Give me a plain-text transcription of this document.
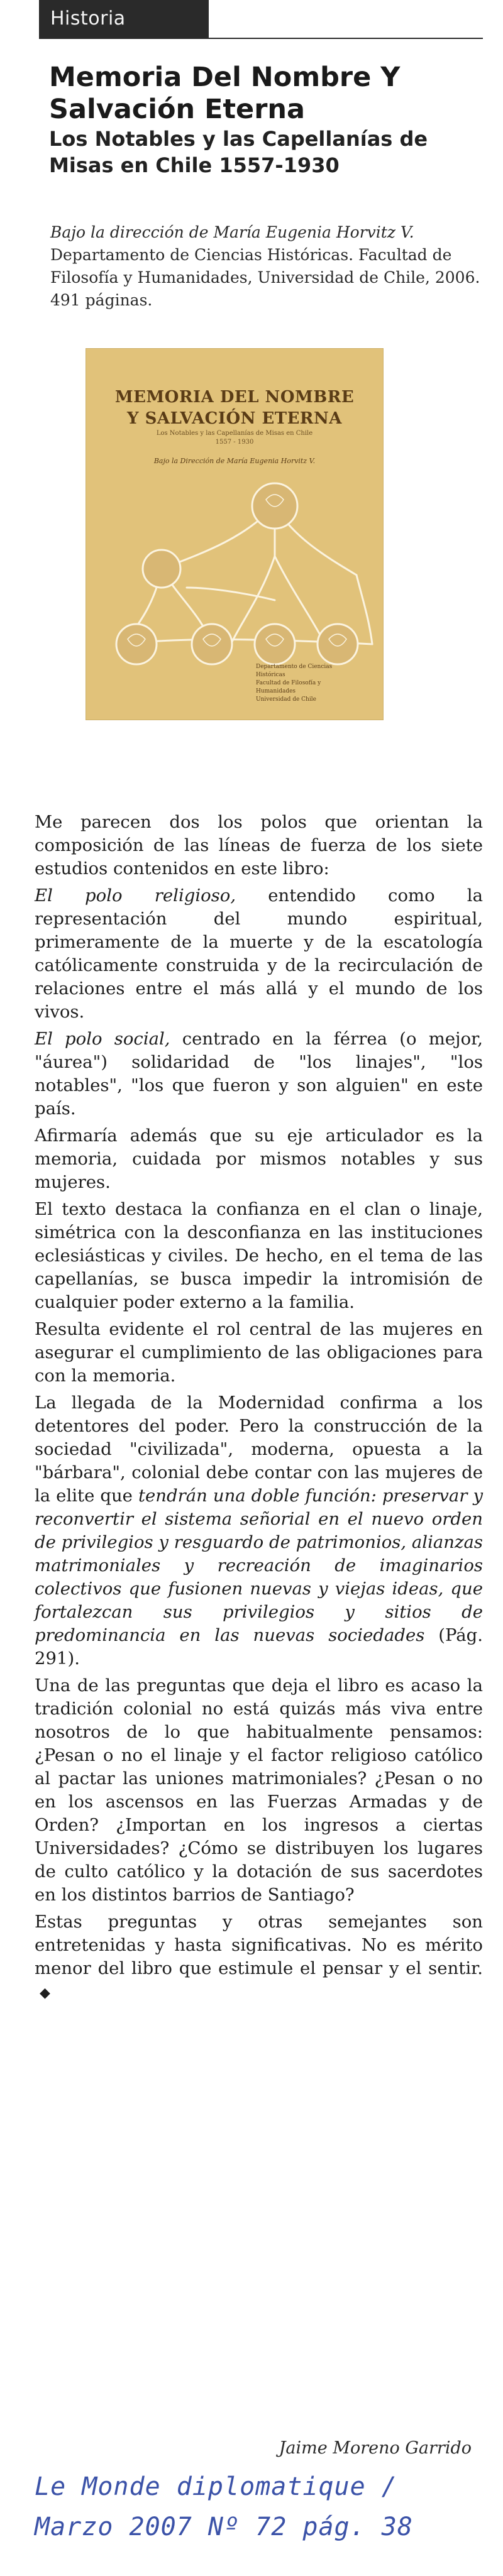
Historia
Memoria Del Nombre Y Salvación Eterna
Los Notables y las Capellanías de Misas en Chile 1557-1930
Bajo la dirección de María Eugenia Horvitz V.
Departamento de Ciencias Históricas. Facultad de Filosofía y Humanidades, Universidad de Chile, 2006. 491 páginas.
MEMORIA DEL NOMBRE
Y SALVACIÓN ETERNA
Los Notables y las Capellanías de Misas en Chile
1557 - 1930
Bajo la Dirección de María Eugenia Horvitz V.
Departamento de Ciencias Históricas
Facultad de Filosofía y Humanidades
Universidad de Chile

Me parecen dos los polos que orientan la composición de las líneas de fuerza de los siete estudios contenidos en este libro:

El polo religioso, entendido como la representación del mundo espiritual, primeramente de la muerte y de la escatología católicamente construida y de la recirculación de relaciones entre el más allá y el mundo de los vivos.

El polo social, centrado en la férrea (o mejor, "áurea") solidaridad de "los linajes", "los notables", "los que fueron y son alguien" en este país.

Afirmaría además que su eje articulador es la memoria, cuidada por mismos notables y sus mujeres.

El texto destaca la confianza en el clan o linaje, simétrica con la desconfianza en las instituciones eclesiásticas y civiles. De hecho, en el tema de las capellanías, se busca impedir la intromisión de cualquier poder externo a la familia.

Resulta evidente el rol central de las mujeres en asegurar el cumplimiento de las obligaciones para con la memoria.

La llegada de la Modernidad confirma a los detentores del poder. Pero la construcción de la sociedad "civilizada", moderna, opuesta a la "bárbara", colonial debe contar con las mujeres de la elite que tendrán una doble función: preservar y reconvertir el sistema señorial en el nuevo orden de privilegios y resguardo de patrimonios, alianzas matrimoniales y recreación de imaginarios colectivos que fusionen nuevas y viejas ideas, que fortalezcan sus privilegios y sitios de predominancia en las nuevas sociedades (Pág. 291).

Una de las preguntas que deja el libro es acaso la tradición colonial no está quizás más viva entre nosotros de lo que habitualmente pensamos: ¿Pesan o no el linaje y el factor religioso católico al pactar las uniones matrimoniales? ¿Pesan o no en los ascensos en las Fuerzas Armadas y de Orden? ¿Importan en los ingresos a ciertas Universidades? ¿Cómo se distribuyen los lugares de culto católico y la dotación de sus sacerdotes en los distintos barrios de Santiago?

Estas preguntas y otras semejantes son entretenidas y hasta significativas. No es mérito menor del libro que estimule el pensar y el sentir.◆

Jaime Moreno Garrido
Le Monde diplomatique /
Marzo 2007 Nº 72 pág. 38
